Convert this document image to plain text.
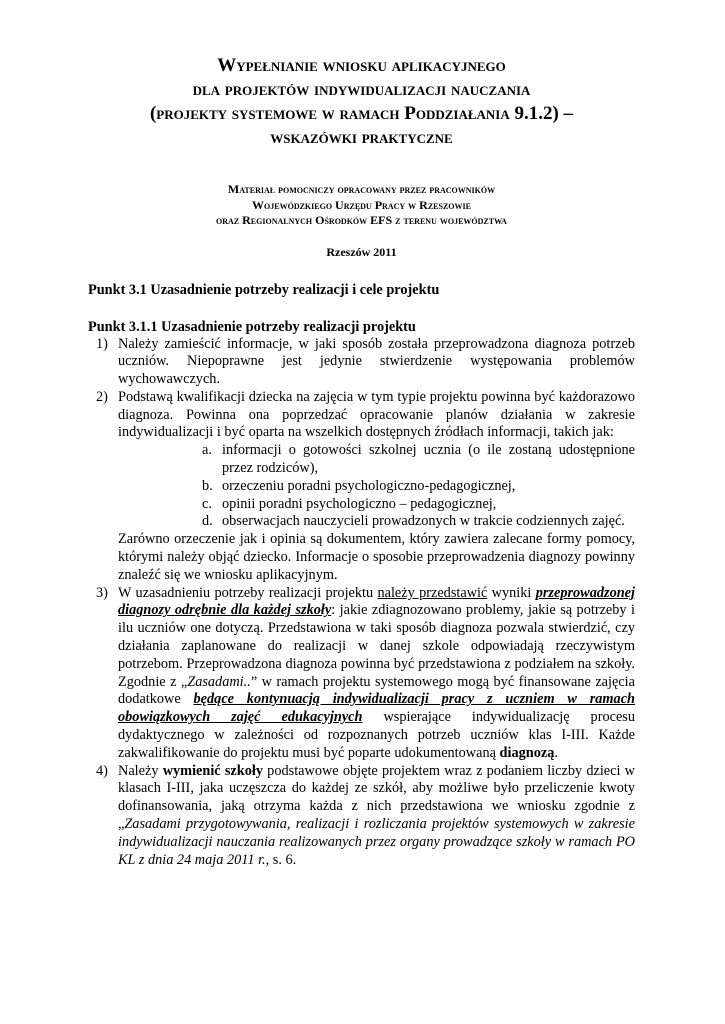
Wypełnianie wniosku aplikacyjnego
dla projektów indywidualizacji nauczania
(projekty systemowe w ramach Poddziałania 9.1.2) –
wskazówki praktyczne
Materiał pomocniczy opracowany przez pracowników
Wojewódzkiego Urzędu Pracy w Rzeszowie
oraz Regionalnych Ośrodków EFS z terenu województwa
Rzeszów 2011
Punkt 3.1 Uzasadnienie potrzeby realizacji i cele projektu
Punkt 3.1.1 Uzasadnienie potrzeby realizacji projektu
1) Należy zamieścić informacje, w jaki sposób została przeprowadzona diagnoza potrzeb uczniów. Niepoprawne jest jedynie stwierdzenie występowania problemów wychowawczych.
2) Podstawą kwalifikacji dziecka na zajęcia w tym typie projektu powinna być każdorazowo diagnoza. Powinna ona poprzedzać opracowanie planów działania w zakresie indywidualizacji i być oparta na wszelkich dostępnych źródłach informacji, takich jak:
a. informacji o gotowości szkolnej ucznia (o ile zostaną udostępnione przez rodziców),
b. orzeczeniu poradni psychologiczno-pedagogicznej,
c. opinii poradni psychologiczno – pedagogicznej,
d. obserwacjach nauczycieli prowadzonych w trakcie codziennych zajęć.
Zarówno orzeczenie jak i opinia są dokumentem, który zawiera zalecane formy pomocy, którymi należy objąć dziecko. Informacje o sposobie przeprowadzenia diagnozy powinny znaleźć się we wniosku aplikacyjnym.
3) W uzasadnieniu potrzeby realizacji projektu należy przedstawić wyniki przeprowadzonej diagnozy odrębnie dla każdej szkoły: jakie zdiagnozowano problemy, jakie są potrzeby i ilu uczniów one dotyczą. Przedstawiona w taki sposób diagnoza pozwala stwierdzić, czy działania zaplanowane do realizacji w danej szkole odpowiadają rzeczywistym potrzebom. Przeprowadzona diagnoza powinna być przedstawiona z podziałem na szkoły. Zgodnie z „Zasadami..” w ramach projektu systemowego mogą być finansowane zajęcia dodatkowe będące kontynuacją indywidualizacji pracy z uczniem w ramach obowiązkowych zajęć edukacyjnych wspierające indywidualizację procesu dydaktycznego w zależności od rozpoznanych potrzeb uczniów klas I-III. Każde zakwalifikowanie do projektu musi być poparte udokumentowaną diagnozą.
4) Należy wymienić szkoły podstawowe objęte projektem wraz z podaniem liczby dzieci w klasach I-III, jaka uczęszcza do każdej ze szkół, aby możliwe było przeliczenie kwoty dofinansowania, jaką otrzyma każda z nich przedstawiona we wniosku zgodnie z „Zasadami przygotowywania, realizacji i rozliczania projektów systemowych w zakresie indywidualizacji nauczania realizowanych przez organy prowadzące szkoły w ramach PO KL z dnia 24 maja 2011 r., s. 6.
